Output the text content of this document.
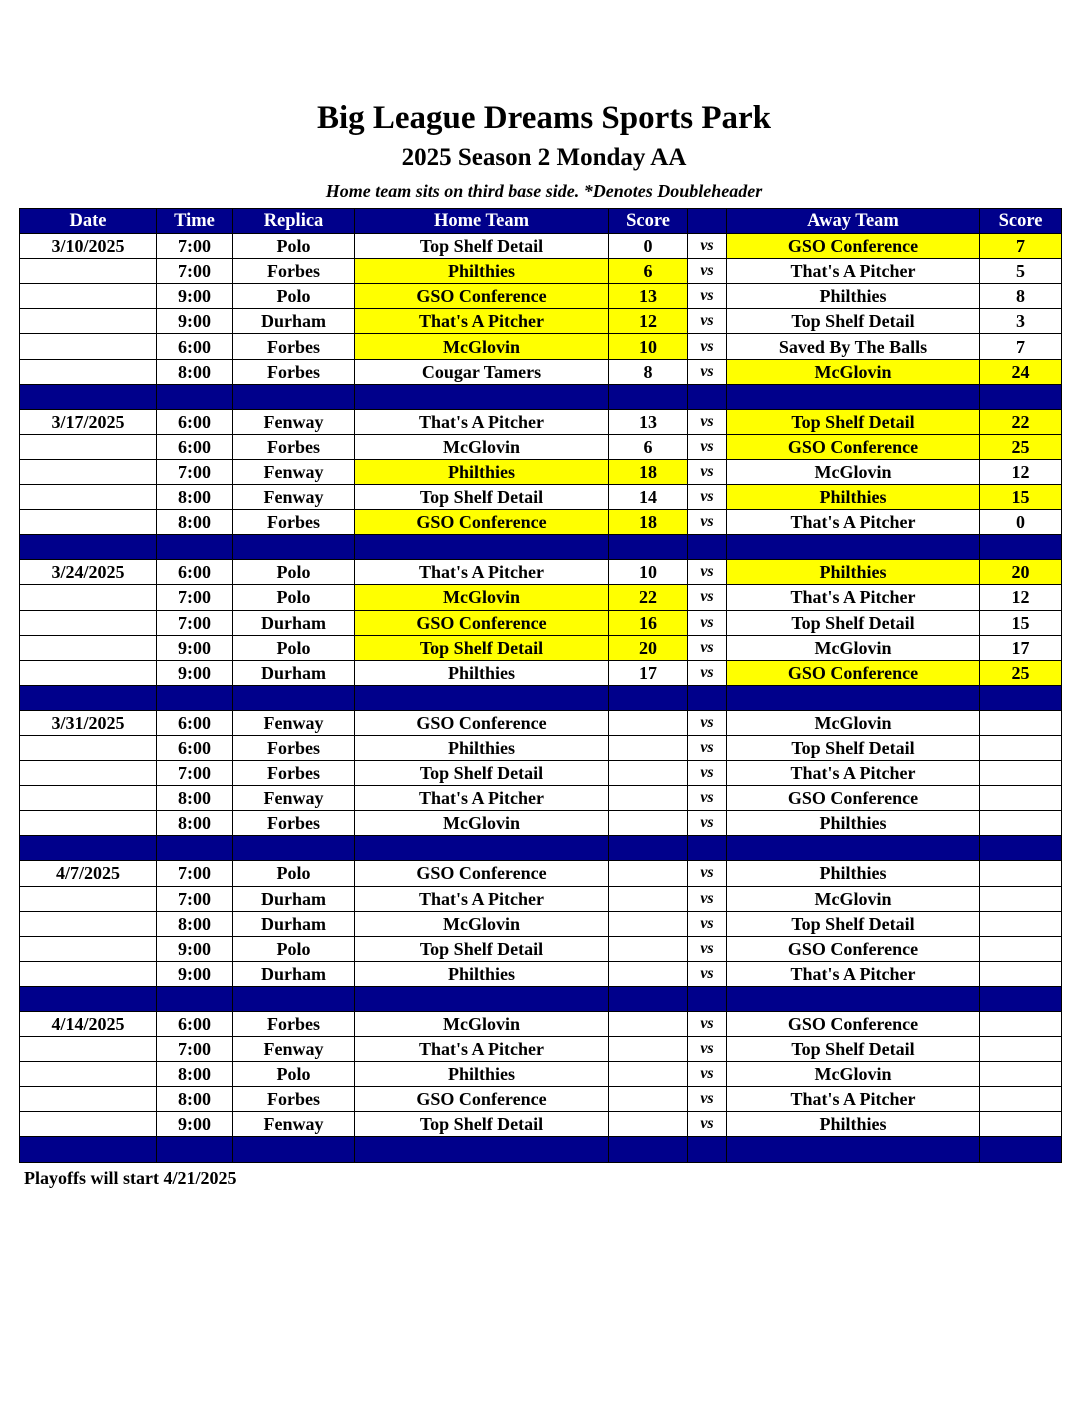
Big League Dreams Sports Park
2025 Season 2 Monday AA
Home team sits on third base side. *Denotes Doubleheader
Date	Time	Replica	Home Team	Score		Away Team	Score
3/10/2025	7:00	Polo	Top Shelf Detail	0	vs	GSO Conference	7
	7:00	Forbes	Philthies	6	vs	That's A Pitcher	5
	9:00	Polo	GSO Conference	13	vs	Philthies	8
	9:00	Durham	That's A Pitcher	12	vs	Top Shelf Detail	3
	6:00	Forbes	McGlovin	10	vs	Saved By The Balls	7
	8:00	Forbes	Cougar Tamers	8	vs	McGlovin	24

3/17/2025	6:00	Fenway	That's A Pitcher	13	vs	Top Shelf Detail	22
	6:00	Forbes	McGlovin	6	vs	GSO Conference	25
	7:00	Fenway	Philthies	18	vs	McGlovin	12
	8:00	Fenway	Top Shelf Detail	14	vs	Philthies	15
	8:00	Forbes	GSO Conference	18	vs	That's A Pitcher	0

3/24/2025	6:00	Polo	That's A Pitcher	10	vs	Philthies	20
	7:00	Polo	McGlovin	22	vs	That's A Pitcher	12
	7:00	Durham	GSO Conference	16	vs	Top Shelf Detail	15
	9:00	Polo	Top Shelf Detail	20	vs	McGlovin	17
	9:00	Durham	Philthies	17	vs	GSO Conference	25

3/31/2025	6:00	Fenway	GSO Conference		vs	McGlovin	
	6:00	Forbes	Philthies		vs	Top Shelf Detail	
	7:00	Forbes	Top Shelf Detail		vs	That's A Pitcher	
	8:00	Fenway	That's A Pitcher		vs	GSO Conference	
	8:00	Forbes	McGlovin		vs	Philthies	

4/7/2025	7:00	Polo	GSO Conference		vs	Philthies	
	7:00	Durham	That's A Pitcher		vs	McGlovin	
	8:00	Durham	McGlovin		vs	Top Shelf Detail	
	9:00	Polo	Top Shelf Detail		vs	GSO Conference	
	9:00	Durham	Philthies		vs	That's A Pitcher	

4/14/2025	6:00	Forbes	McGlovin		vs	GSO Conference	
	7:00	Fenway	That's A Pitcher		vs	Top Shelf Detail	
	8:00	Polo	Philthies		vs	McGlovin	
	8:00	Forbes	GSO Conference		vs	That's A Pitcher	
	9:00	Fenway	Top Shelf Detail		vs	Philthies	

Playoffs will start 4/21/2025
